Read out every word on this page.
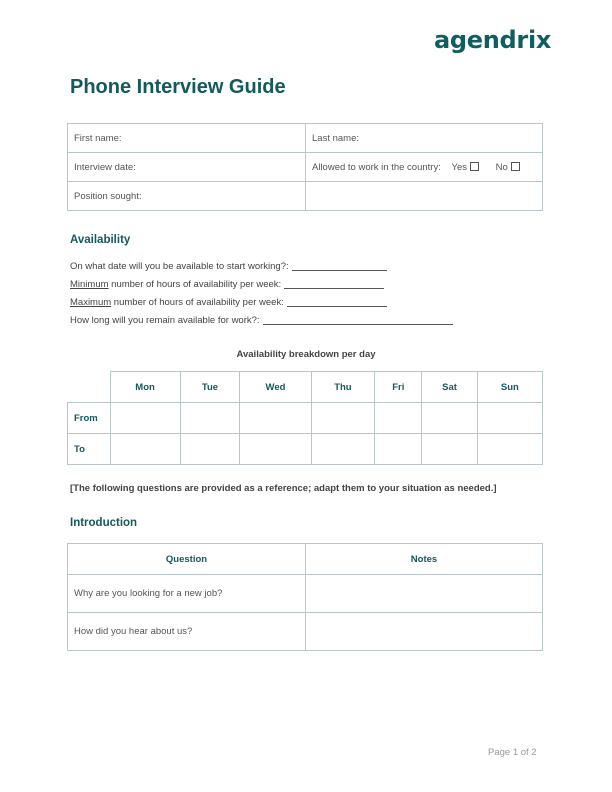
agendrix
Phone Interview Guide
First name:	Last name:
Interview date:	Allowed to work in the country: Yes No
Position sought:	
Availability
On what date will you be available to start working?:
Minimum number of hours of availability per week:
Maximum number of hours of availability per week:
How long will you remain available for work?:
Availability breakdown per day
	Mon	Tue	Wed	Thu	Fri	Sat	Sun
From							
To							
[The following questions are provided as a reference; adapt them to your situation as needed.]
Introduction
Question	Notes
Why are you looking for a new job?	
How did you hear about us?	
Page 1 of 2
